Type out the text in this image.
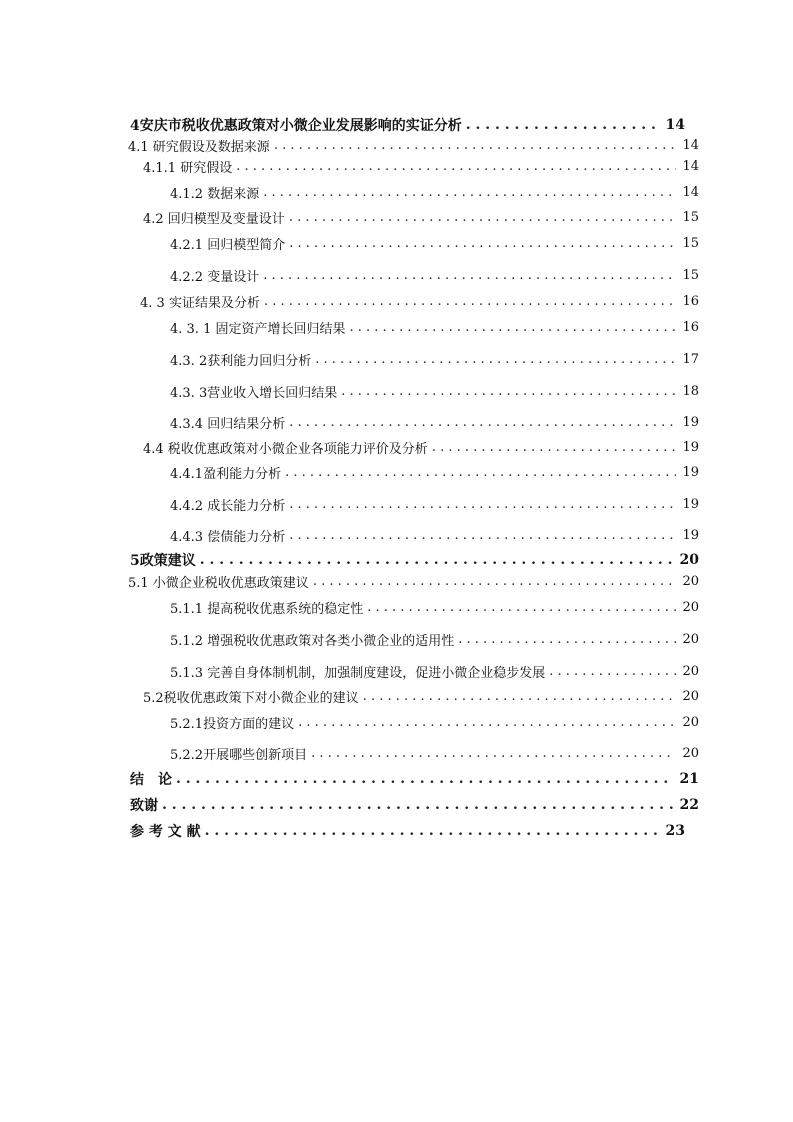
4安庆市税收优惠政策对小微企业发展影响的实证分析 . . .	14
4.1 研究假设及数据来源 . . .	14
4.1.1 研究假设 . . .	14
4.1.2 数据来源 . . .	14
4.2 回归模型及变量设计 . . .	15
4.2.1 回归模型简介 . . .	15
4.2.2 变量设计 . . .	15
4. 3 实证结果及分析 . . .	16
4. 3. 1 固定资产增长回归结果 . . .	16
4.3. 2获利能力回归分析 . . .	17
4.3. 3营业收入增长回归结果 . . .	18
4.3.4 回归结果分析 . . .	19
4.4 税收优惠政策对小微企业各项能力评价及分析 . . .	19
4.4.1盈利能力分析 . . .	19
4.4.2 成长能力分析 . . .	19
4.4.3 偿债能力分析 . . .	19
5政策建议 . . .	20
5.1 小微企业税收优惠政策建议 . . .	20
5.1.1 提高税收优惠系统的稳定性 . . .	20
5.1.2 增强税收优惠政策对各类小微企业的适用性 . . .	20
5.1.3 完善自身体制机制，加强制度建设，促进小微企业稳步发展 . . .	20
5.2税收优惠政策下对小微企业的建议 . . .	20
5.2.1投资方面的建议 . . .	20
5.2.2开展哪些创新项目 . . .	20
结　论 . . .	21
致谢 . . .	22
参 考 文 献 . . .	23
